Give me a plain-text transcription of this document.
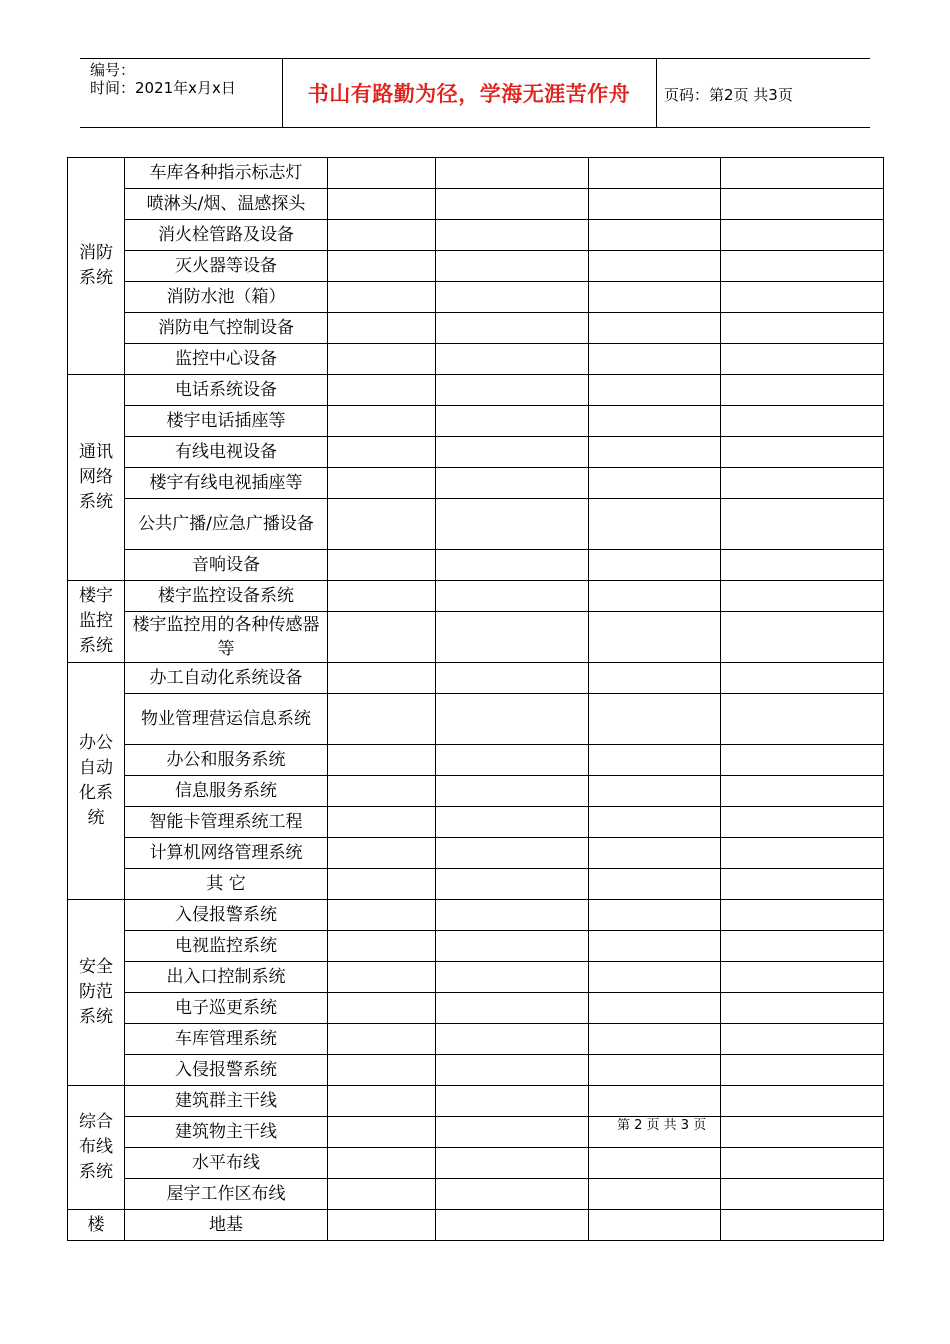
编号：
时间：2021年x月x日	书山有路勤为径，学海无涯苦作舟	页码：第2页 共3页
消防系统	车库各种指示标志灯				
	喷淋头/烟、温感探头				
	消火栓管路及设备				
	灭火器等设备				
	消防水池（箱）				
	消防电气控制设备				
	监控中心设备				
通讯网络系统	电话系统设备				
	楼宇电话插座等				
	有线电视设备				
	楼宇有线电视插座等				
	公共广播/应急广播设备				
	音响设备				
楼宇监控系统	楼宇监控设备系统				
	楼宇监控用的各种传感器等				
办公自动化系统	办工自动化系统设备				
	物业管理营运信息系统				
	办公和服务系统				
	信息服务系统				
	智能卡管理系统工程				
	计算机网络管理系统				
	其 它				
安全防范系统	入侵报警系统				
	电视监控系统				
	出入口控制系统				
	电子巡更系统				
	车库管理系统				
	入侵报警系统				
综合布线系统	建筑群主干线				
	建筑物主干线				
	水平布线				
	屋宇工作区布线				
楼	地基				
第 2 页 共 3 页
